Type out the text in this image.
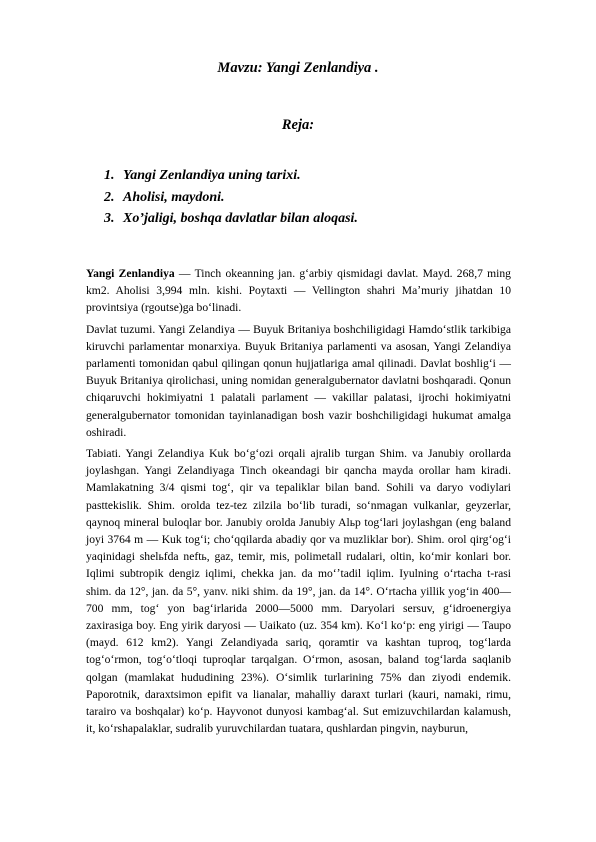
Mavzu: Yangi Zenlandiya .
Reja:
1. Yangi Zenlandiya uning tarixi.
2. Aholisi, maydoni.
3. Xo’jaligi, boshqa davlatlar bilan aloqasi.

Yangi Zenlandiya — Tinch okeanning jan. gʻarbiy qismidagi davlat. Mayd. 268,7 ming km2. Aholisi 3,994 mln. kishi. Poytaxti — Vellington shahri Maʼmuriy jihatdan 10 provintsiya (rgoutse)ga boʻlinadi.

Davlat tuzumi. Yangi Zelandiya — Buyuk Britaniya boshchiligidagi Hamdoʻstlik tarkibiga kiruvchi parlamentar monarxiya. Buyuk Britaniya parlamenti va asosan, Yangi Zelandiya parlamenti tomonidan qabul qilingan qonun hujjatlariga amal qilinadi. Davlat boshligʻi — Buyuk Britaniya qirolichasi, uning nomidan generalgubernator davlatni boshqaradi. Qonun chiqaruvchi hokimiyatni 1 palatali parlament — vakillar palatasi, ijrochi hokimiyatni generalgubernator tomonidan tayinlanadigan bosh vazir boshchiligidagi hukumat amalga oshiradi.

Tabiati. Yangi Zelandiya Kuk boʻgʻozi orqali ajralib turgan Shim. va Janubiy orollarda joylashgan. Yangi Zelandiyaga Tinch okeandagi bir qancha mayda orollar ham kiradi. Mamlakatning 3/4 qismi togʻ, qir va tepaliklar bilan band. Sohili va daryo vodiylari pasttekislik. Shim. orolda tez-tez zilzila boʻlib turadi, soʻnmagan vulkanlar, geyzerlar, qaynoq mineral buloqlar bor. Janubiy orolda Janubiy Alьp togʻlari joylashgan (eng baland joyi 3764 m — Kuk togʻi; choʻqqilarda abadiy qor va muzliklar bor). Shim. orol qirgʻogʻi yaqinidagi shelьfda neftь, gaz, temir, mis, polimetall rudalari, oltin, koʻmir konlari bor. Iqlimi subtropik dengiz iqlimi, chekka jan. da moʻʼtadil iqlim. Iyulning oʻrtacha t-rasi shim. da 12°, jan. da 5°, yanv. niki shim. da 19°, jan. da 14°. Oʻrtacha yillik yogʻin 400—700 mm, togʻ yon bagʻirlarida 2000—5000 mm. Daryolari sersuv, gʻidroenergiya zaxirasiga boy. Eng yirik daryosi — Uaikato (uz. 354 km). Koʻl koʻp: eng yirigi — Taupo (mayd. 612 km2). Yangi Zelandiyada sariq, qoramtir va kashtan tuproq, togʻlarda togʻoʻrmon, togʻoʻtloqi tuproqlar tarqalgan. Oʻrmon, asosan, baland togʻlarda saqlanib qolgan (mamlakat hududining 23%). Oʻsimlik turlarining 75% dan ziyodi endemik. Paporotnik, daraxtsimon epifit va lianalar, mahalliy daraxt turlari (kauri, namaki, rimu, tarairo va boshqalar) koʻp. Hayvonot dunyosi kambagʻal. Sut emizuvchilardan kalamush, it, koʻrshapalaklar, sudralib yuruvchilardan tuatara, qushlardan pingvin, nayburun,
